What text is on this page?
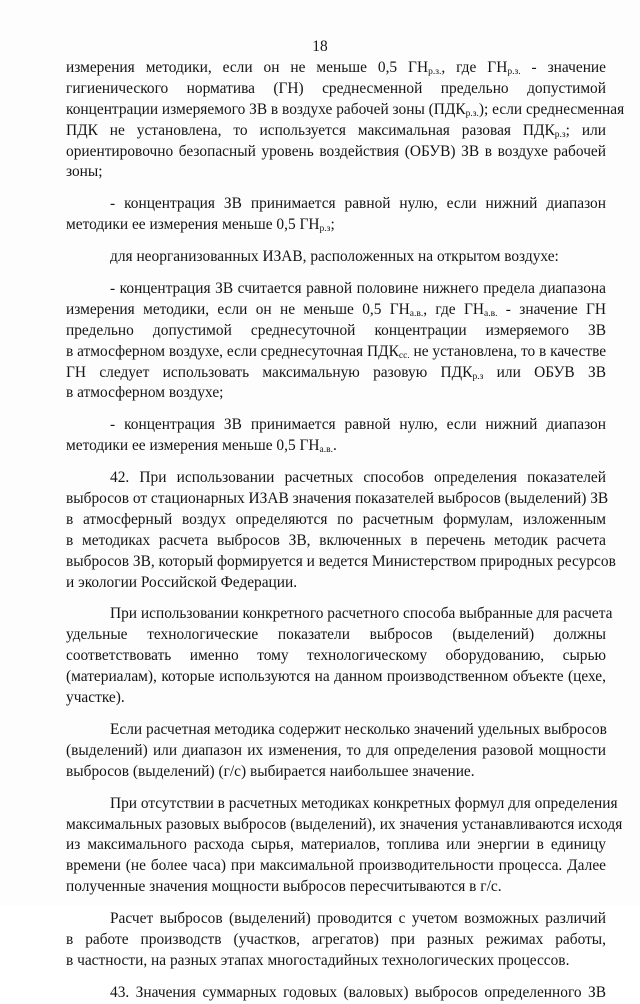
18
измерения методики, если он не меньше 0,5 $ГН_{р.з.}$, где $ГН_{р.з.}$ - значение
гигиенического норматива (ГН) среднесменной предельно допустимой
концентрации измеряемого ЗВ в воздухе рабочей зоны $(ПДК_{р.з.})$; если среднесменная
ПДК не установлена, то используется максимальная разовая $ПДК_{р.з}$; или
ориентировочно безопасный уровень воздействия (ОБУВ) ЗВ в воздухе рабочей
зоны;
- концентрация ЗВ принимается равной нулю, если нижний диапазон
методики ее измерения меньше 0,5 $ГН_{р.з}$;
для неорганизованных ИЗАВ, расположенных на открытом воздухе:
- концентрация ЗВ считается равной половине нижнего предела диапазона
измерения методики, если он не меньше 0,5 $ГН_{а.в.}$, где $ГН_{а.в.}$ - значение ГН
предельно допустимой среднесуточной концентрации измеряемого ЗВ
в атмосферном воздухе, если среднесуточная $ПДК_{сс.}$ не установлена, то в качестве
ГН следует использовать максимальную разовую $ПДК_{р.з}$ или ОБУВ ЗВ
в атмосферном воздухе;
- концентрация ЗВ принимается равной нулю, если нижний диапазон
методики ее измерения меньше 0,5 $ГН_{а.в.}$.
42. При использовании расчетных способов определения показателей
выбросов от стационарных ИЗАВ значения показателей выбросов (выделений) ЗВ
в атмосферный воздух определяются по расчетным формулам, изложенным
в методиках расчета выбросов ЗВ, включенных в перечень методик расчета
выбросов ЗВ, который формируется и ведется Министерством природных ресурсов
и экологии Российской Федерации.
При использовании конкретного расчетного способа выбранные для расчета
удельные технологические показатели выбросов (выделений) должны
соответствовать именно тому технологическому оборудованию, сырью
(материалам), которые используются на данном производственном объекте (цехе,
участке).
Если расчетная методика содержит несколько значений удельных выбросов
(выделений) или диапазон их изменения, то для определения разовой мощности
выбросов (выделений) (г/с) выбирается наибольшее значение.
При отсутствии в расчетных методиках конкретных формул для определения
максимальных разовых выбросов (выделений), их значения устанавливаются исходя
из максимального расхода сырья, материалов, топлива или энергии в единицу
времени (не более часа) при максимальной производительности процесса. Далее
полученные значения мощности выбросов пересчитываются в г/с.
Расчет выбросов (выделений) проводится с учетом возможных различий
в работе производств (участков, агрегатов) при разных режимах работы,
в частности, на разных этапах многостадийных технологических процессов.
43. Значения суммарных годовых (валовых) выбросов определенного ЗВ
